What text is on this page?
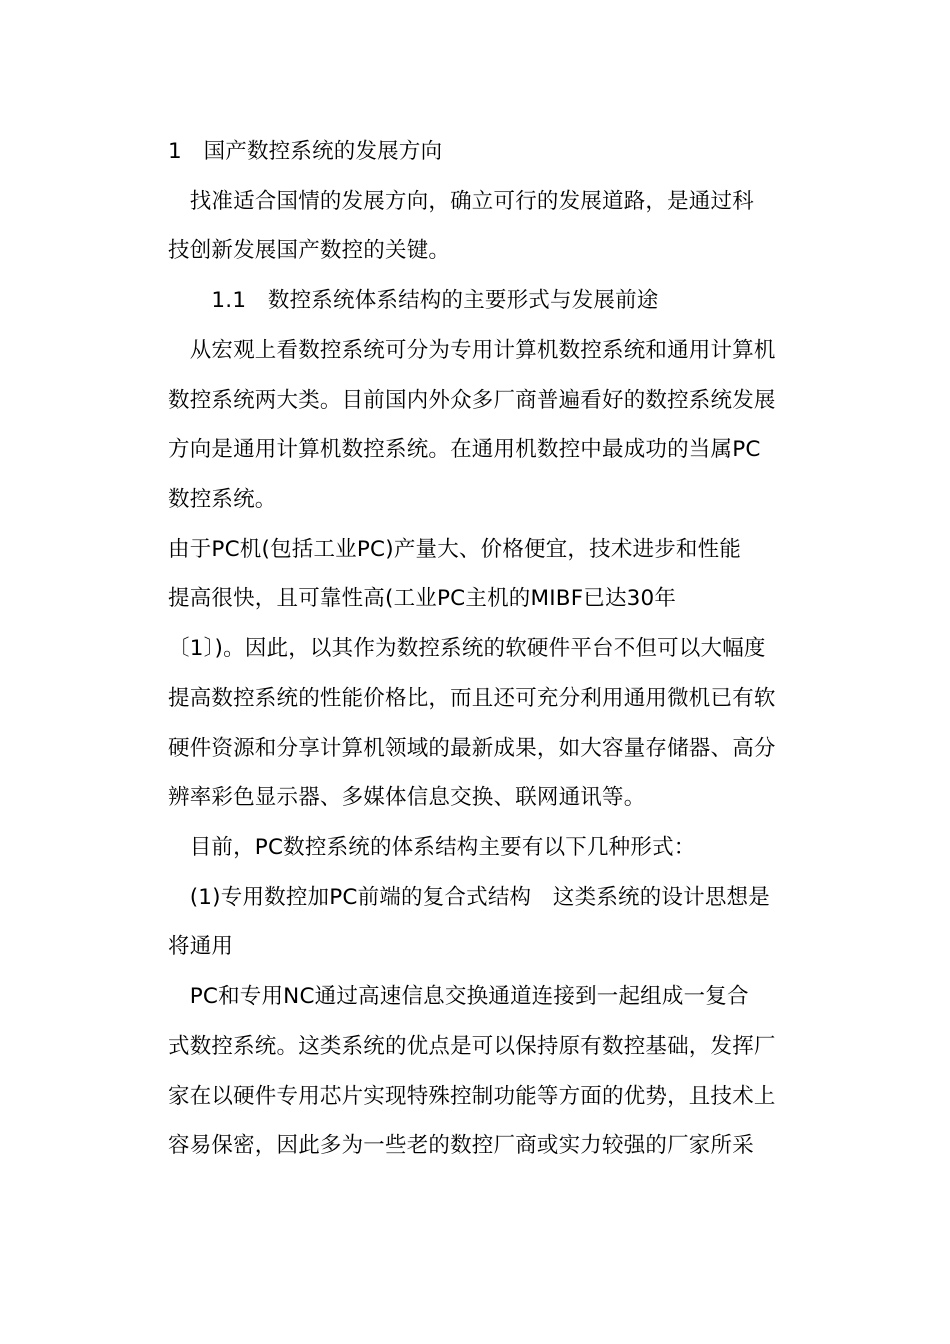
1　国产数控系统的发展方向
　找准适合国情的发展方向，确立可行的发展道路，是通过科
技创新发展国产数控的关键。
　　1.1　数控系统体系结构的主要形式与发展前途
　从宏观上看数控系统可分为专用计算机数控系统和通用计算机
数控系统两大类。目前国内外众多厂商普遍看好的数控系统发展
方向是通用计算机数控系统。在通用机数控中最成功的当属PC
数控系统。
由于PC机(包括工业PC)产量大、价格便宜，技术进步和性能
提高很快，且可靠性高(工业PC主机的MIBF已达30年
〔1〕)。因此，以其作为数控系统的软硬件平台不但可以大幅度
提高数控系统的性能价格比，而且还可充分利用通用微机已有软
硬件资源和分享计算机领域的最新成果，如大容量存储器、高分
辨率彩色显示器、多媒体信息交换、联网通讯等。
　目前，PC数控系统的体系结构主要有以下几种形式：
　(1)专用数控加PC前端的复合式结构　这类系统的设计思想是
将通用
　PC和专用NC通过高速信息交换通道连接到一起组成一复合
式数控系统。这类系统的优点是可以保持原有数控基础，发挥厂
家在以硬件专用芯片实现特殊控制功能等方面的优势，且技术上
容易保密，因此多为一些老的数控厂商或实力较强的厂家所采
